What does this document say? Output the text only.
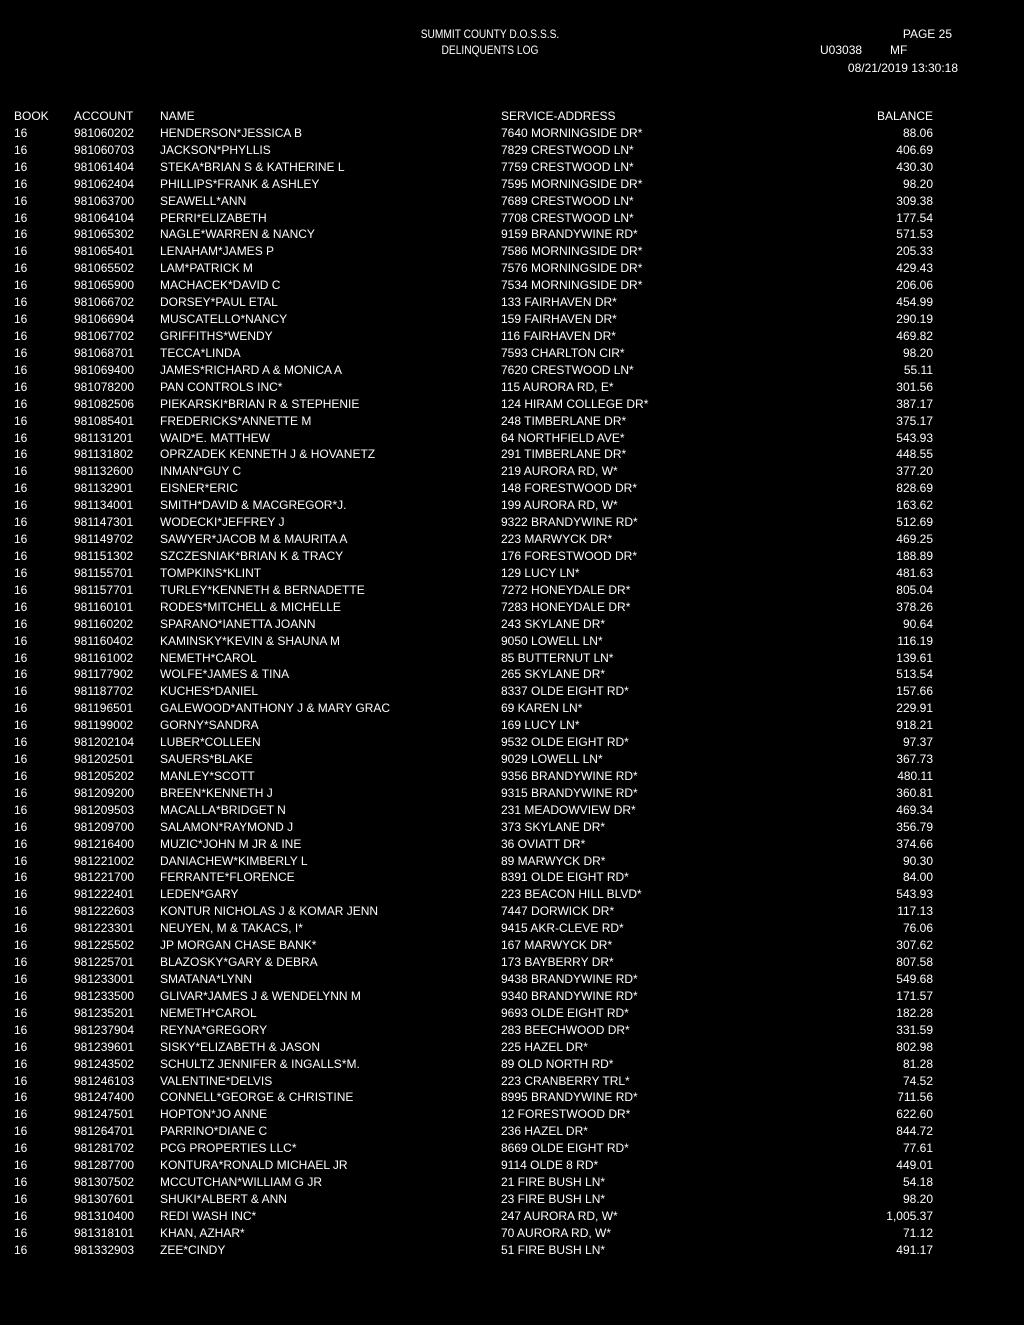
SUMMIT COUNTY D.O.S.S.S.
DELINQUENTS LOG
PAGE 25
U03038 MF
08/21/2019 13:30:18
BOOK	ACCOUNT	NAME	SERVICE-ADDRESS	BALANCE
16	981060202	HENDERSON*JESSICA B	7640 MORNINGSIDE DR*	88.06
16	981060703	JACKSON*PHYLLIS	7829 CRESTWOOD LN*	406.69
16	981061404	STEKA*BRIAN S & KATHERINE L	7759 CRESTWOOD LN*	430.30
16	981062404	PHILLIPS*FRANK & ASHLEY	7595 MORNINGSIDE DR*	98.20
16	981063700	SEAWELL*ANN	7689 CRESTWOOD LN*	309.38
16	981064104	PERRI*ELIZABETH	7708 CRESTWOOD LN*	177.54
16	981065302	NAGLE*WARREN & NANCY	9159 BRANDYWINE RD*	571.53
16	981065401	LENAHAM*JAMES P	7586 MORNINGSIDE DR*	205.33
16	981065502	LAM*PATRICK M	7576 MORNINGSIDE DR*	429.43
16	981065900	MACHACEK*DAVID C	7534 MORNINGSIDE DR*	206.06
16	981066702	DORSEY*PAUL ETAL	133 FAIRHAVEN DR*	454.99
16	981066904	MUSCATELLO*NANCY	159 FAIRHAVEN DR*	290.19
16	981067702	GRIFFITHS*WENDY	116 FAIRHAVEN DR*	469.82
16	981068701	TECCA*LINDA	7593 CHARLTON CIR*	98.20
16	981069400	JAMES*RICHARD A & MONICA A	7620 CRESTWOOD LN*	55.11
16	981078200	PAN CONTROLS INC*	115 AURORA RD, E*	301.56
16	981082506	PIEKARSKI*BRIAN R & STEPHENIE	124 HIRAM COLLEGE DR*	387.17
16	981085401	FREDERICKS*ANNETTE M	248 TIMBERLANE DR*	375.17
16	981131201	WAID*E. MATTHEW	64 NORTHFIELD AVE*	543.93
16	981131802	OPRZADEK KENNETH J & HOVANETZ	291 TIMBERLANE DR*	448.55
16	981132600	INMAN*GUY C	219 AURORA RD, W*	377.20
16	981132901	EISNER*ERIC	148 FORESTWOOD DR*	828.69
16	981134001	SMITH*DAVID & MACGREGOR*J.	199 AURORA RD, W*	163.62
16	981147301	WODECKI*JEFFREY J	9322 BRANDYWINE RD*	512.69
16	981149702	SAWYER*JACOB M & MAURITA A	223 MARWYCK DR*	469.25
16	981151302	SZCZESNIAK*BRIAN K & TRACY	176 FORESTWOOD DR*	188.89
16	981155701	TOMPKINS*KLINT	129 LUCY LN*	481.63
16	981157701	TURLEY*KENNETH & BERNADETTE	7272 HONEYDALE DR*	805.04
16	981160101	RODES*MITCHELL & MICHELLE	7283 HONEYDALE DR*	378.26
16	981160202	SPARANO*IANETTA JOANN	243 SKYLANE DR*	90.64
16	981160402	KAMINSKY*KEVIN & SHAUNA M	9050 LOWELL LN*	116.19
16	981161002	NEMETH*CAROL	85 BUTTERNUT LN*	139.61
16	981177902	WOLFE*JAMES & TINA	265 SKYLANE DR*	513.54
16	981187702	KUCHES*DANIEL	8337 OLDE EIGHT RD*	157.66
16	981196501	GALEWOOD*ANTHONY J & MARY GRAC	69 KAREN LN*	229.91
16	981199002	GORNY*SANDRA	169 LUCY LN*	918.21
16	981202104	LUBER*COLLEEN	9532 OLDE EIGHT RD*	97.37
16	981202501	SAUERS*BLAKE	9029 LOWELL LN*	367.73
16	981205202	MANLEY*SCOTT	9356 BRANDYWINE RD*	480.11
16	981209200	BREEN*KENNETH J	9315 BRANDYWINE RD*	360.81
16	981209503	MACALLA*BRIDGET N	231 MEADOWVIEW DR*	469.34
16	981209700	SALAMON*RAYMOND J	373 SKYLANE DR*	356.79
16	981216400	MUZIC*JOHN M JR & INE	36 OVIATT DR*	374.66
16	981221002	DANIACHEW*KIMBERLY L	89 MARWYCK DR*	90.30
16	981221700	FERRANTE*FLORENCE	8391 OLDE EIGHT RD*	84.00
16	981222401	LEDEN*GARY	223 BEACON HILL BLVD*	543.93
16	981222603	KONTUR NICHOLAS J & KOMAR JENN	7447 DORWICK DR*	117.13
16	981223301	NEUYEN, M & TAKACS, I*	9415 AKR-CLEVE RD*	76.06
16	981225502	JP MORGAN CHASE BANK*	167 MARWYCK DR*	307.62
16	981225701	BLAZOSKY*GARY & DEBRA	173 BAYBERRY DR*	807.58
16	981233001	SMATANA*LYNN	9438 BRANDYWINE RD*	549.68
16	981233500	GLIVAR*JAMES J & WENDELYNN M	9340 BRANDYWINE RD*	171.57
16	981235201	NEMETH*CAROL	9693 OLDE EIGHT RD*	182.28
16	981237904	REYNA*GREGORY	283 BEECHWOOD DR*	331.59
16	981239601	SISKY*ELIZABETH & JASON	225 HAZEL DR*	802.98
16	981243502	SCHULTZ JENNIFER & INGALLS*M.	89 OLD NORTH RD*	81.28
16	981246103	VALENTINE*DELVIS	223 CRANBERRY TRL*	74.52
16	981247400	CONNELL*GEORGE & CHRISTINE	8995 BRANDYWINE RD*	711.56
16	981247501	HOPTON*JO ANNE	12 FORESTWOOD DR*	622.60
16	981264701	PARRINO*DIANE C	236 HAZEL DR*	844.72
16	981281702	PCG PROPERTIES LLC*	8669 OLDE EIGHT RD*	77.61
16	981287700	KONTURA*RONALD MICHAEL JR	9114 OLDE 8 RD*	449.01
16	981307502	MCCUTCHAN*WILLIAM G JR	21 FIRE BUSH LN*	54.18
16	981307601	SHUKI*ALBERT & ANN	23 FIRE BUSH LN*	98.20
16	981310400	REDI WASH INC*	247 AURORA RD, W*	1,005.37
16	981318101	KHAN, AZHAR*	70 AURORA RD, W*	71.12
16	981332903	ZEE*CINDY	51 FIRE BUSH LN*	491.17
